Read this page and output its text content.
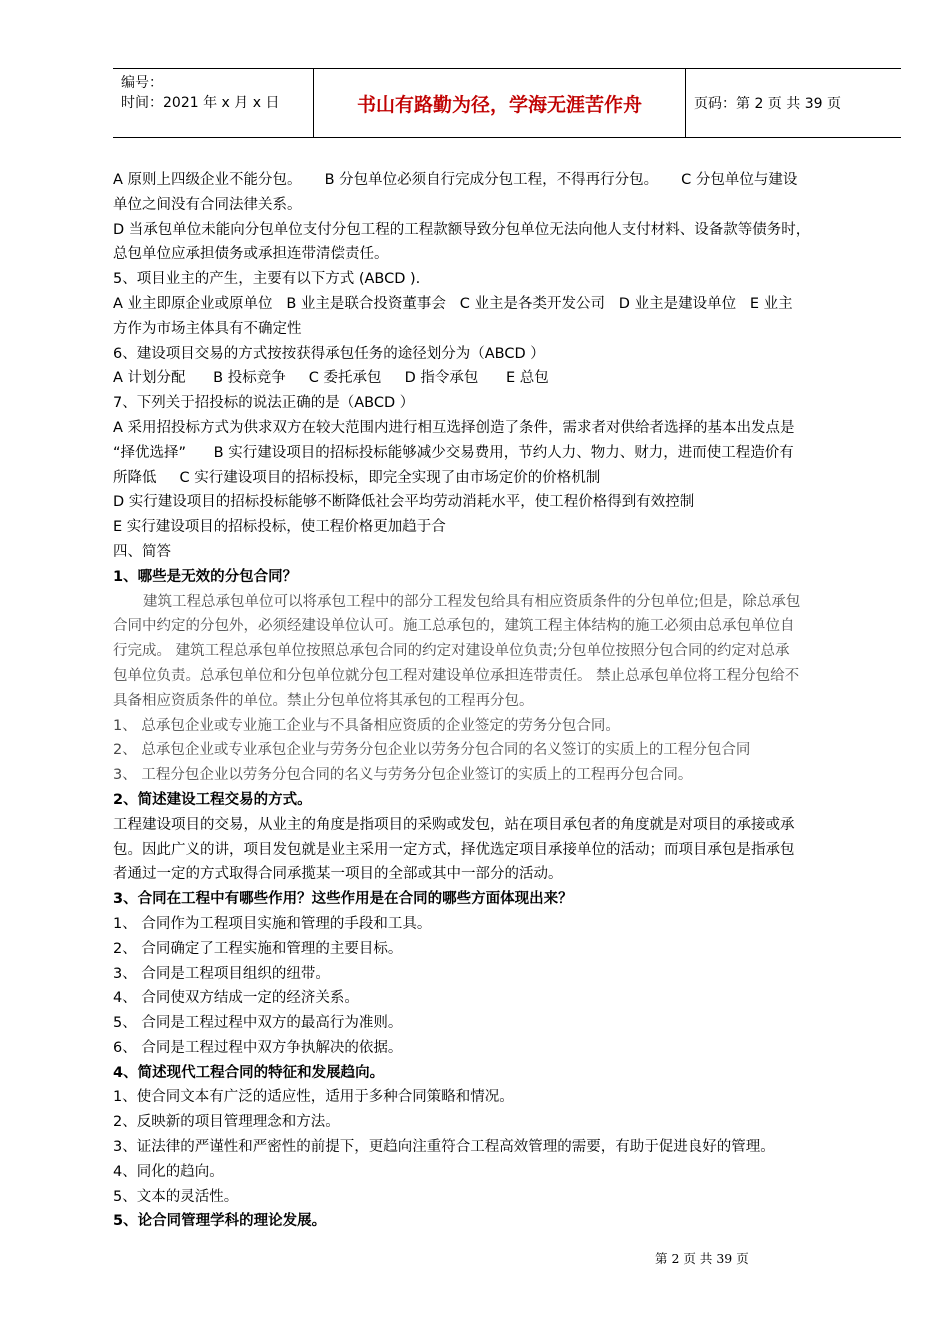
编号：
时间：2021 年 x 月 x 日	书山有路勤为径，学海无涯苦作舟	页码：第 2 页 共 39 页
A 原则上四级企业不能分包。     B 分包单位必须自行完成分包工程，不得再行分包。     C 分包单位与建设
单位之间没有合同法律关系。
D 当承包单位未能向分包单位支付分包工程的工程款额导致分包单位无法向他人支付材料、设备款等债务时，
总包单位应承担债务或承担连带清偿责任。
5、项目业主的产生，主要有以下方式 (ABCD ).
A 业主即原企业或原单位   B 业主是联合投资董事会   C 业主是各类开发公司   D 业主是建设单位   E 业主
方作为市场主体具有不确定性
6、建设项目交易的方式按按获得承包任务的途径划分为（ABCD ）
A 计划分配      B 投标竞争     C 委托承包     D 指令承包      E 总包
7、下列关于招投标的说法正确的是（ABCD ）
A 采用招投标方式为供求双方在较大范围内进行相互选择创造了条件，需求者对供给者选择的基本出发点是
“择优选择”      B 实行建设项目的招标投标能够减少交易费用，节约人力、物力、财力，进而使工程造价有
所降低     C 实行建设项目的招标投标，即完全实现了由市场定价的价格机制
D 实行建设项目的招标投标能够不断降低社会平均劳动消耗水平，使工程价格得到有效控制
E 实行建设项目的招标投标，使工程价格更加趋于合
四、简答
1、哪些是无效的分包合同？
建筑工程总承包单位可以将承包工程中的部分工程发包给具有相应资质条件的分包单位;但是，除总承包
合同中约定的分包外，必须经建设单位认可。施工总承包的，建筑工程主体结构的施工必须由总承包单位自
行完成。 建筑工程总承包单位按照总承包合同的约定对建设单位负责;分包单位按照分包合同的约定对总承
包单位负责。总承包单位和分包单位就分包工程对建设单位承担连带责任。 禁止总承包单位将工程分包给不
具备相应资质条件的单位。禁止分包单位将其承包的工程再分包。
1、 总承包企业或专业施工企业与不具备相应资质的企业签定的劳务分包合同。
2、 总承包企业或专业承包企业与劳务分包企业以劳务分包合同的名义签订的实质上的工程分包合同
3、 工程分包企业以劳务分包合同的名义与劳务分包企业签订的实质上的工程再分包合同。
2、简述建设工程交易的方式。
工程建设项目的交易，从业主的角度是指项目的采购或发包，站在项目承包者的角度就是对项目的承接或承
包。因此广义的讲，项目发包就是业主采用一定方式，择优选定项目承接单位的活动；而项目承包是指承包
者通过一定的方式取得合同承揽某一项目的全部或其中一部分的活动。
3、合同在工程中有哪些作用？这些作用是在合同的哪些方面体现出来？
1、 合同作为工程项目实施和管理的手段和工具。
2、 合同确定了工程实施和管理的主要目标。
3、 合同是工程项目组织的纽带。
4、 合同使双方结成一定的经济关系。
5、 合同是工程过程中双方的最高行为准则。
6、 合同是工程过程中双方争执解决的依据。
4、简述现代工程合同的特征和发展趋向。
1、使合同文本有广泛的适应性，适用于多种合同策略和情况。
2、反映新的项目管理理念和方法。
3、证法律的严谨性和严密性的前提下，更趋向注重符合工程高效管理的需要，有助于促进良好的管理。
4、同化的趋向。
5、文本的灵活性。
5、论合同管理学科的理论发展。
第 2 页 共 39 页
